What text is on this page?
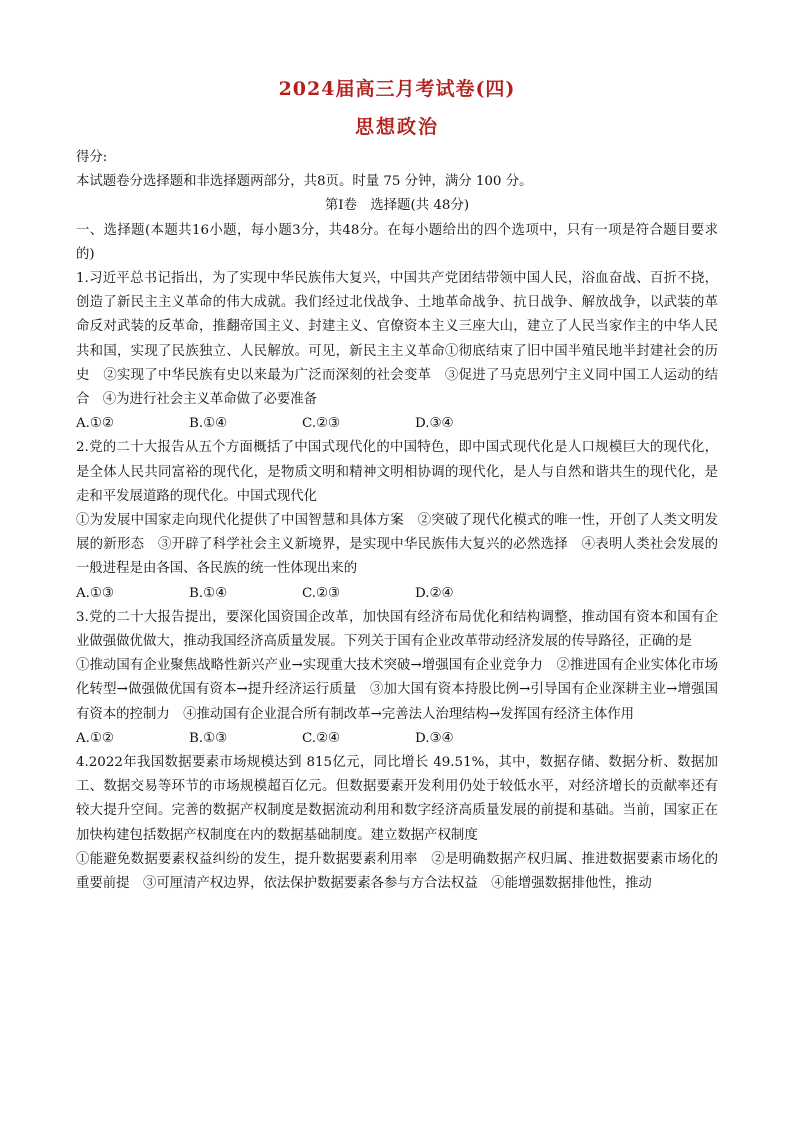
2024届高三月考试卷(四)
思想政治

得分:

本试题卷分选择题和非选择题两部分，共8页。时量 75 分钟，满分 100 分。

第Ⅰ卷　选择题(共 48分)

一、选择题(本题共16小题，每小题3分，共48分。在每小题给出的四个选项中，只有一项是符合题目要求的)

1.习近平总书记指出，为了实现中华民族伟大复兴，中国共产党团结带领中国人民，浴血奋战、百折不挠，创造了新民主主义革命的伟大成就。我们经过北伐战争、土地革命战争、抗日战争、解放战争，以武装的革命反对武装的反革命，推翻帝国主义、封建主义、官僚资本主义三座大山，建立了人民当家作主的中华人民共和国，实现了民族独立、人民解放。可见，新民主主义革命①彻底结束了旧中国半殖民地半封建社会的历史　②实现了中华民族有史以来最为广泛而深刻的社会变革　③促进了马克思列宁主义同中国工人运动的结合　④为进行社会主义革命做了必要准备

A.①②	B.①④	C.②③	D.③④

2.党的二十大报告从五个方面概括了中国式现代化的中国特色，即中国式现代化是人口规模巨大的现代化，是全体人民共同富裕的现代化，是物质文明和精神文明相协调的现代化，是人与自然和谐共生的现代化，是走和平发展道路的现代化。中国式现代化

①为发展中国家走向现代化提供了中国智慧和具体方案　②突破了现代化模式的唯一性，开创了人类文明发展的新形态　③开辟了科学社会主义新境界，是实现中华民族伟大复兴的必然选择　④表明人类社会发展的一般进程是由各国、各民族的统一性体现出来的

A.①③	B.①④	C.②③	D.②④

3.党的二十大报告提出，要深化国资国企改革，加快国有经济布局优化和结构调整，推动国有资本和国有企业做强做优做大，推动我国经济高质量发展。下列关于国有企业改革带动经济发展的传导路径，正确的是

①推动国有企业聚焦战略性新兴产业→实现重大技术突破→增强国有企业竞争力　②推进国有企业实体化市场化转型→做强做优国有资本→提升经济运行质量　③加大国有资本持股比例→引导国有企业深耕主业→增强国有资本的控制力　④推动国有企业混合所有制改革→完善法人治理结构→发挥国有经济主体作用

A.①②	B.①③	C.②④	D.③④

4.2022年我国数据要素市场规模达到 815亿元，同比增长 49.51%，其中，数据存储、数据分析、数据加工、数据交易等环节的市场规模超百亿元。但数据要素开发利用仍处于较低水平，对经济增长的贡献率还有较大提升空间。完善的数据产权制度是数据流动利用和数字经济高质量发展的前提和基础。当前，国家正在加快构建包括数据产权制度在内的数据基础制度。建立数据产权制度

①能避免数据要素权益纠纷的发生，提升数据要素利用率　②是明确数据产权归属、推进数据要素市场化的重要前提　③可厘清产权边界，依法保护数据要素各参与方合法权益　④能增强数据排他性，推动
